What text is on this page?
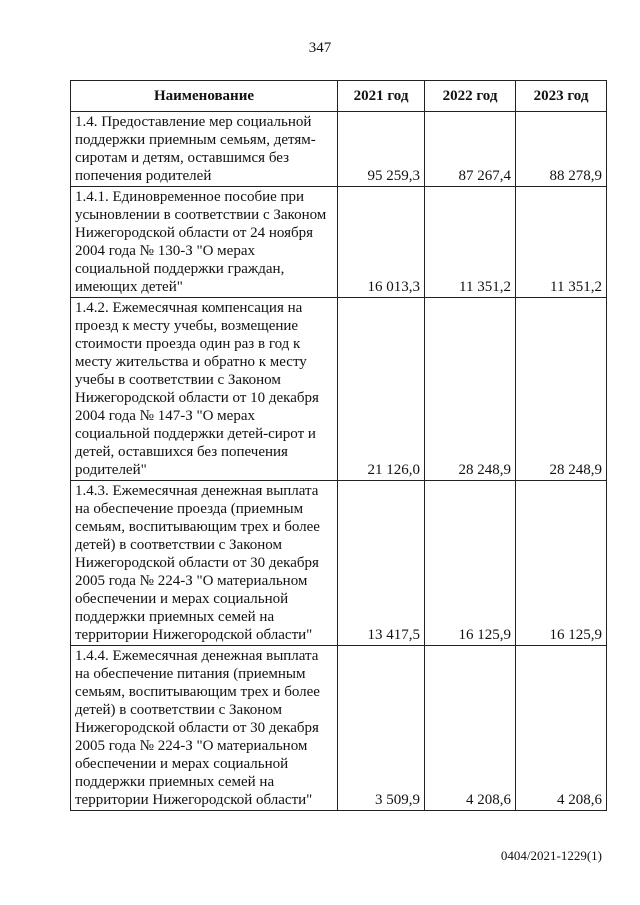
347
Наименование	2021 год	2022 год	2023 год
1.4. Предоставление мер социальной поддержки приемным семьям, детям-сиротам и детям, оставшимся без попечения родителей	95 259,3	87 267,4	88 278,9
1.4.1. Единовременное пособие при усыновлении в соответствии с Законом Нижегородской области от 24 ноября 2004 года № 130-З "О мерах социальной поддержки граждан, имеющих детей"	16 013,3	11 351,2	11 351,2
1.4.2. Ежемесячная компенсация на проезд к месту учебы, возмещение стоимости проезда один раз в год к месту жительства и обратно к месту учебы в соответствии с Законом Нижегородской области от 10 декабря 2004 года № 147-З "О мерах социальной поддержки детей-сирот и детей, оставшихся без попечения родителей"	21 126,0	28 248,9	28 248,9
1.4.3. Ежемесячная денежная выплата на обеспечение проезда (приемным семьям, воспитывающим трех и более детей) в соответствии с Законом Нижегородской области от 30 декабря 2005 года № 224-З "О материальном обеспечении и мерах социальной поддержки приемных семей на территории Нижегородской области"	13 417,5	16 125,9	16 125,9
1.4.4. Ежемесячная денежная выплата на обеспечение питания (приемным семьям, воспитывающим трех и более детей) в соответствии с Законом Нижегородской области от 30 декабря 2005 года № 224-З "О материальном обеспечении и мерах социальной поддержки приемных семей на территории Нижегородской области"	3 509,9	4 208,6	4 208,6
0404/2021-1229(1)
